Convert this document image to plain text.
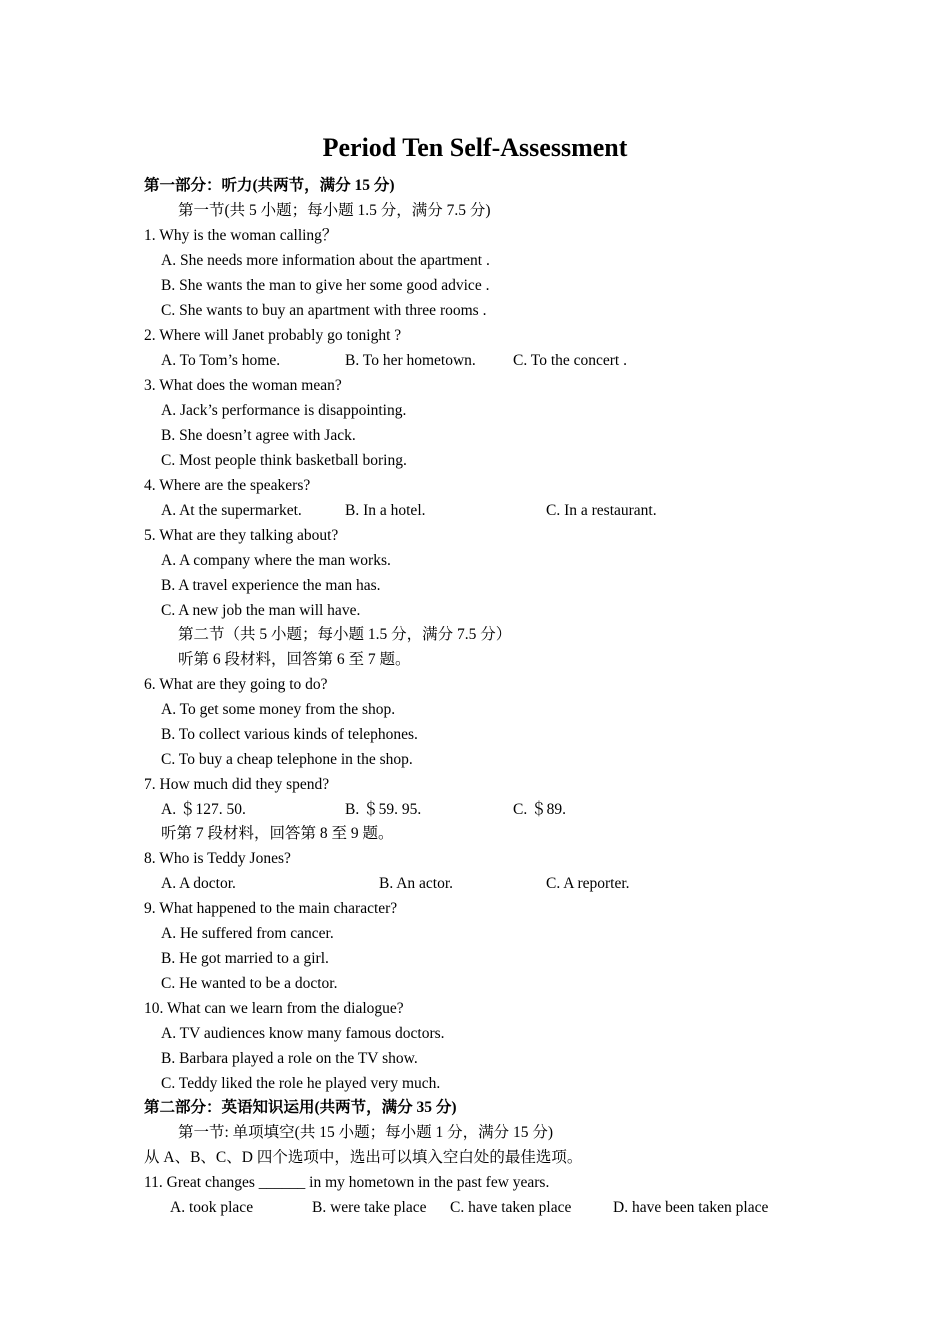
Period Ten Self-Assessment
第一部分：听力(共两节，满分 15 分)
第一节(共 5 小题；每小题 1.5 分，满分 7.5 分)
1. Why is the woman calling？
A. She needs more information about the apartment .
B. She wants the man to give her some good advice .
C. She wants to buy an apartment with three rooms .
2. Where will Janet probably go tonight ?
A. To Tom’s home.	B. To her hometown. C. To the concert .
3. What does the woman mean?
A. Jack’s performance is disappointing.
B. She doesn’t agree with Jack.
C. Most people think basketball boring.
4. Where are the speakers?
A. At the supermarket.	B. In a hotel.	C. In a restaurant.
5. What are they talking about?
A. A company where the man works.
B. A travel experience the man has.
C. A new job the man will have.
第二节（共 5 小题；每小题 1.5 分，满分 7.5 分）
听第 6 段材料，回答第 6 至 7 题。
6. What are they going to do?
A. To get some money from the shop.
B. To collect various kinds of telephones.
C. To buy a cheap telephone in the shop.
7. How much did they spend?
A. ＄127. 50.	B. ＄59. 95.	C. ＄89.
听第 7 段材料，回答第 8 至 9 题。
8. Who is Teddy Jones?
A. A doctor.	B. An actor.	C. A reporter.
9. What happened to the main character?
A. He suffered from cancer.
B. He got married to a girl.
C. He wanted to be a doctor.
10. What can we learn from the dialogue?
A. TV audiences know many famous doctors.
B. Barbara played a role on the TV show.
C. Teddy liked the role he played very much.
第二部分：英语知识运用(共两节，满分 35 分)
第一节: 单项填空(共 15 小题；每小题 1 分，满分 15 分)
从 A、B、C、D 四个选项中，选出可以填入空白处的最佳选项。
11. Great changes ______ in my hometown in the past few years.
A. took place	B. were take place C. have taken place	D. have been taken place
